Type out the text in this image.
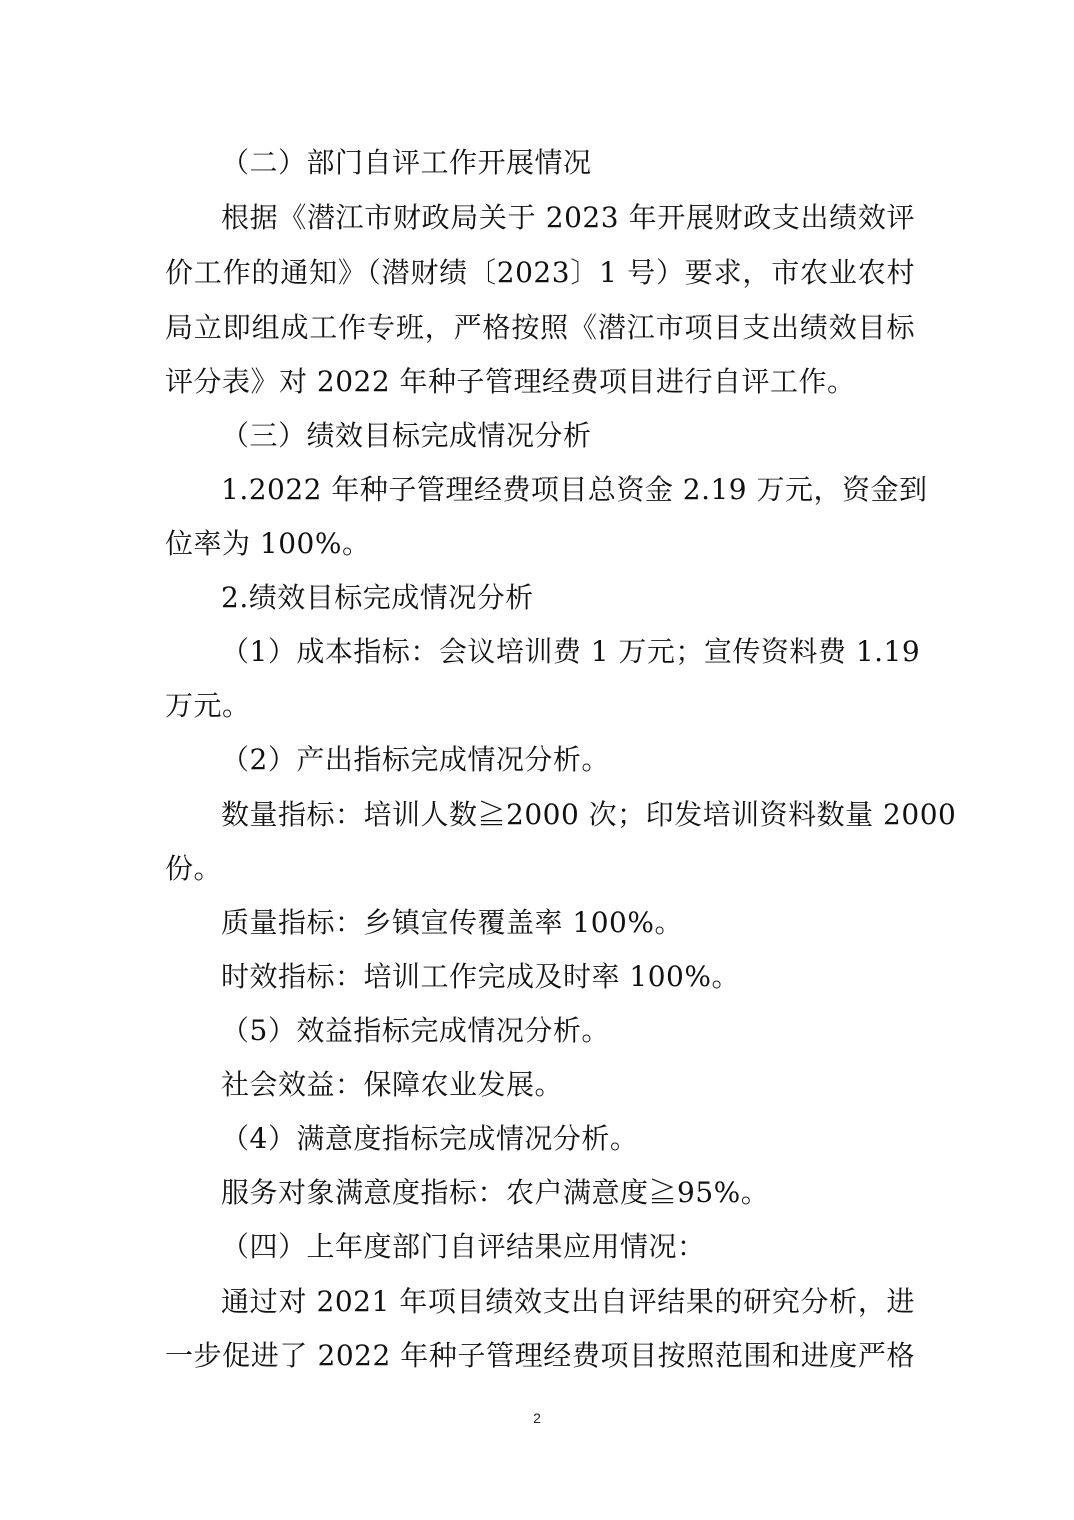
（二）部门自评工作开展情况
根据《潜江市财政局关于 2023 年开展财政支出绩效评
价工作的通知》（潜财绩〔2023〕1 号）要求，市农业农村
局立即组成工作专班，严格按照《潜江市项目支出绩效目标
评分表》对 2022 年种子管理经费项目进行自评工作。
（三）绩效目标完成情况分析
1.2022 年种子管理经费项目总资金 2.19 万元，资金到
位率为 100%。
2.绩效目标完成情况分析
（1）成本指标：会议培训费 1 万元；宣传资料费 1.19
万元。
（2）产出指标完成情况分析。
数量指标：培训人数≧2000 次；印发培训资料数量 2000
份。
质量指标：乡镇宣传覆盖率 100%。
时效指标：培训工作完成及时率 100%。
（5）效益指标完成情况分析。
社会效益：保障农业发展。
（4）满意度指标完成情况分析。
服务对象满意度指标：农户满意度≧95%。
（四）上年度部门自评结果应用情况：
通过对 2021 年项目绩效支出自评结果的研究分析，进
一步促进了 2022 年种子管理经费项目按照范围和进度严格
2
